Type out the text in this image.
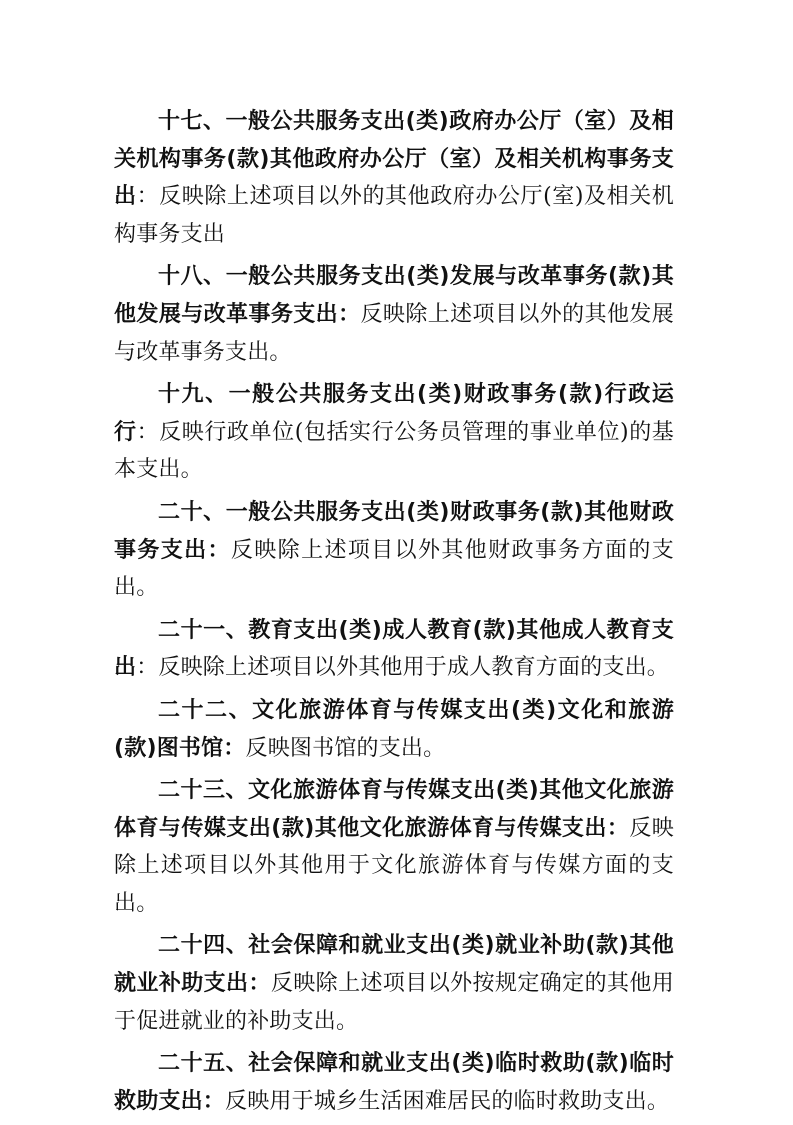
十七、一般公共服务支出(类)政府办公厅（室）及相关机构事务(款)其他政府办公厅（室）及相关机构事务支出：反映除上述项目以外的其他政府办公厅(室)及相关机构事务支出

十八、一般公共服务支出(类)发展与改革事务(款)其他发展与改革事务支出：反映除上述项目以外的其他发展与改革事务支出。

十九、一般公共服务支出(类)财政事务(款)行政运行：反映行政单位(包括实行公务员管理的事业单位)的基本支出。

二十、一般公共服务支出(类)财政事务(款)其他财政事务支出：反映除上述项目以外其他财政事务方面的支出。

二十一、教育支出(类)成人教育(款)其他成人教育支出：反映除上述项目以外其他用于成人教育方面的支出。

二十二、文化旅游体育与传媒支出(类)文化和旅游(款)图书馆：反映图书馆的支出。

二十三、文化旅游体育与传媒支出(类)其他文化旅游体育与传媒支出(款)其他文化旅游体育与传媒支出：反映除上述项目以外其他用于文化旅游体育与传媒方面的支出。

二十四、社会保障和就业支出(类)就业补助(款)其他就业补助支出：反映除上述项目以外按规定确定的其他用于促进就业的补助支出。

二十五、社会保障和就业支出(类)临时救助(款)临时救助支出：反映用于城乡生活困难居民的临时救助支出。
